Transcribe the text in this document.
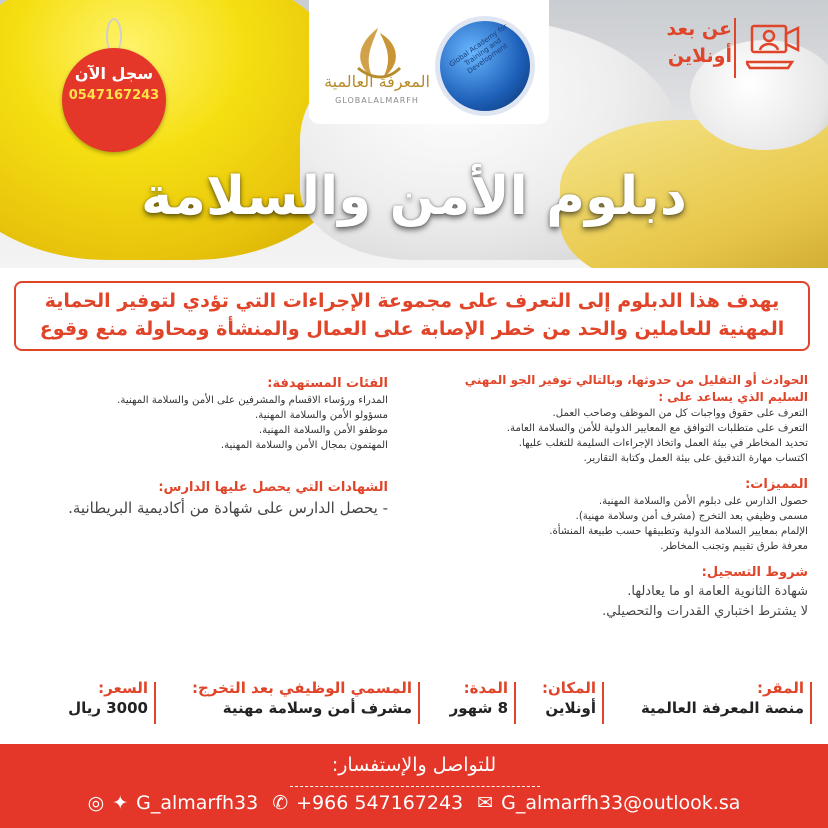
Global Academy for Training and Development
المعرفة العالمية
GLOBALALMARFH
عن بعد
أونلاين
سجل الآن
0547167243
دبلوم الأمن والسلامة
يهدف هذا الدبلوم إلى التعرف على مجموعة الإجراءات التي تؤدي لتوفير الحماية المهنية للعاملين والحد من خطر الإصابة على العمال والمنشأة ومحاولة منع وقوع

الحوادث أو التقليل من حدوثها، وبالتالي توفير الجو المهني

السليم الذي يساعد على :

التعرف على حقوق وواجبات كل من الموظف وصاحب العمل.

التعرف على متطلبات التوافق مع المعايير الدولية للأمن والسلامة العامة.

تحديد المخاطر في بيئة العمل واتخاذ الإجراءات السليمة للتغلب عليها.

اكتساب مهارة التدقيق على بيئة العمل وكتابة التقارير.

المميزات:

حصول الدارس على دبلوم الأمن والسلامة المهنية.

مسمى وظيفي بعد التخرج (مشرف أمن وسلامة مهنية).

الإلمام بمعايير السلامة الدولية وتطبيقها حسب طبيعة المنشأة.

معرفة طرق تقييم وتجنب المخاطر.

شروط التسجيل:

شهادة الثانوية العامة او ما يعادلها.

لا يشترط اختباري القدرات والتحصيلي.

الفئات المستهدفة:

المدراء ورؤساء الاقسام والمشرفين على الأمن والسلامة المهنية.

مسؤولو الأمن والسلامة المهنية.

موظفو الأمن والسلامة المهنية.

المهتمون بمجال الأمن والسلامة المهنية.

الشهادات التي يحصل عليها الدارس:

- يحصل الدارس على شهادة من أكاديمية البريطانية.

المقر:
منصة المعرفة العالمية
المكان:
أونلاين
المدة:
8 شهور
المسمي الوظيفي بعد التخرج:
مشرف أمن وسلامة مهنية
السعر:
3000 ريال
للتواصل والإستفسار:
◎ ✦ G_almarfh33 ✆ +966 547167243 ✉ G_almarfh33@outlook.sa
